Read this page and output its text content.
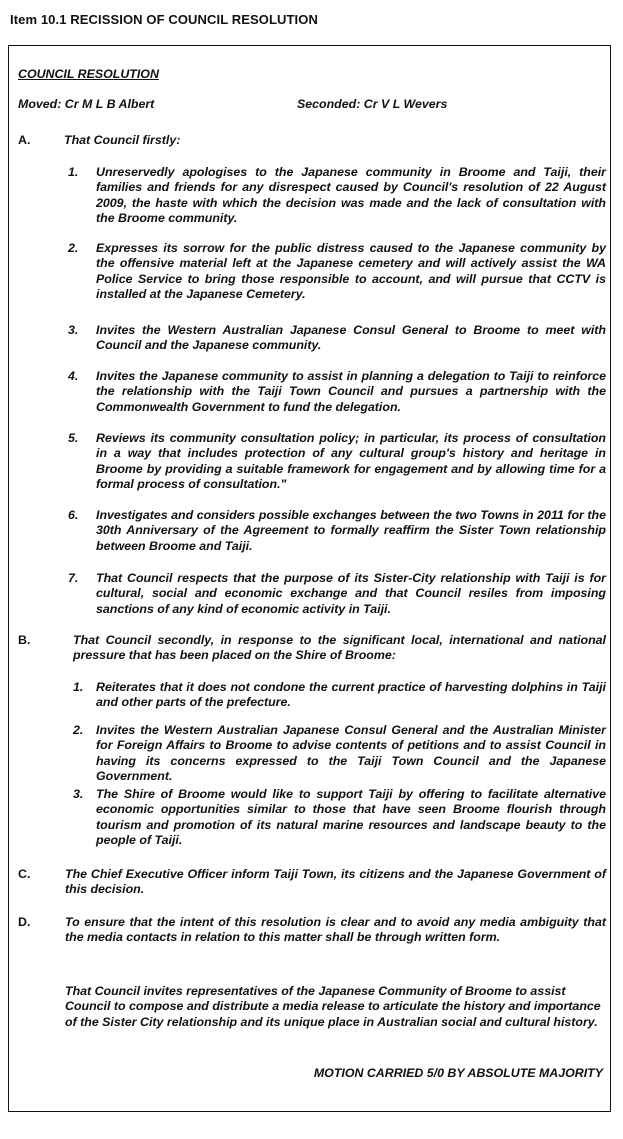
Item 10.1 RECISSION OF COUNCIL RESOLUTION
COUNCIL RESOLUTION
Moved: Cr M L B Albert	Seconded: Cr V L Wevers
A.	That Council firstly:
1. Unreservedly apologises to the Japanese community in Broome and Taiji, their families and friends for any disrespect caused by Council's resolution of 22 August 2009, the haste with which the decision was made and the lack of consultation with the Broome community.
2. Expresses its sorrow for the public distress caused to the Japanese community by the offensive material left at the Japanese cemetery and will actively assist the WA Police Service to bring those responsible to account, and will pursue that CCTV is installed at the Japanese Cemetery.
3. Invites the Western Australian Japanese Consul General to Broome to meet with Council and the Japanese community.
4. Invites the Japanese community to assist in planning a delegation to Taiji to reinforce the relationship with the Taiji Town Council and pursues a partnership with the Commonwealth Government to fund the delegation.
5. Reviews its community consultation policy; in particular, its process of consultation in a way that includes protection of any cultural group's history and heritage in Broome by providing a suitable framework for engagement and by allowing time for a formal process of consultation."
6. Investigates and considers possible exchanges between the two Towns in 2011 for the 30th Anniversary of the Agreement to formally reaffirm the Sister Town relationship between Broome and Taiji.
7. That Council respects that the purpose of its Sister-City relationship with Taiji is for cultural, social and economic exchange and that Council resiles from imposing sanctions of any kind of economic activity in Taiji.
B.	That Council secondly, in response to the significant local, international and national pressure that has been placed on the Shire of Broome:
1. Reiterates that it does not condone the current practice of harvesting dolphins in Taiji and other parts of the prefecture.
2. Invites the Western Australian Japanese Consul General and the Australian Minister for Foreign Affairs to Broome to advise contents of petitions and to assist Council in having its concerns expressed to the Taiji Town Council and the Japanese Government.
3. The Shire of Broome would like to support Taiji by offering to facilitate alternative economic opportunities similar to those that have seen Broome flourish through tourism and promotion of its natural marine resources and landscape beauty to the people of Taiji.
C.	The Chief Executive Officer inform Taiji Town, its citizens and the Japanese Government of this decision.
D.	To ensure that the intent of this resolution is clear and to avoid any media ambiguity that the media contacts in relation to this matter shall be through written form.
That Council invites representatives of the Japanese Community of Broome to assist Council to compose and distribute a media release to articulate the history and importance of the Sister City relationship and its unique place in Australian social and cultural history.
MOTION CARRIED 5/0 BY ABSOLUTE MAJORITY
